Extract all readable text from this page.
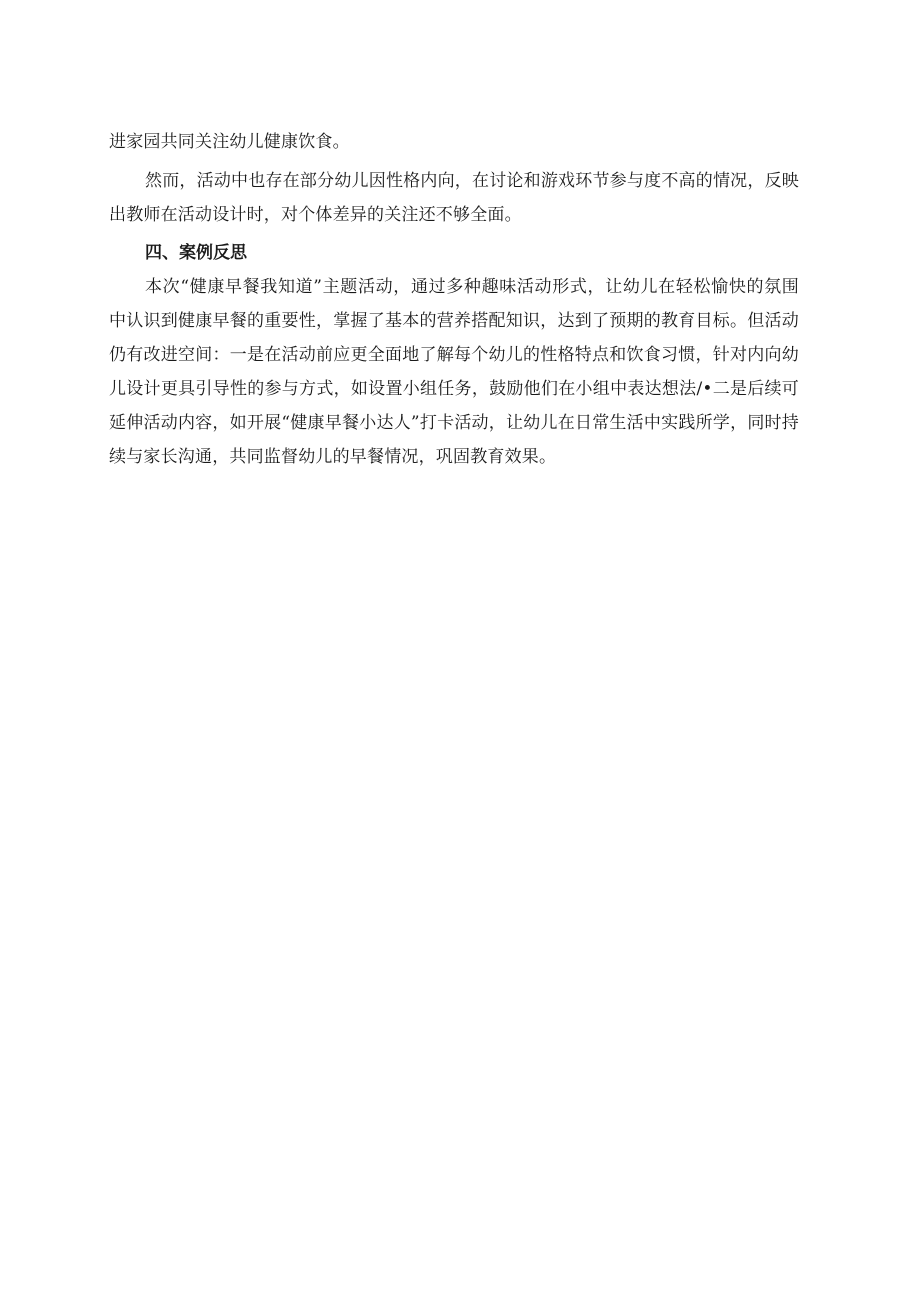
进家园共同关注幼儿健康饮食。

然而，活动中也存在部分幼儿因性格内向，在讨论和游戏环节参与度不高的情况，反映出教师在活动设计时，对个体差异的关注还不够全面。

四、案例反思

本次“健康早餐我知道”主题活动，通过多种趣味活动形式，让幼儿在轻松愉快的氛围中认识到健康早餐的重要性，掌握了基本的营养搭配知识，达到了预期的教育目标。但活动仍有改进空间：一是在活动前应更全面地了解每个幼儿的性格特点和饮食习惯，针对内向幼儿设计更具引导性的参与方式，如设置小组任务，鼓励他们在小组中表达想法/•二是后续可延伸活动内容，如开展“健康早餐小达人”打卡活动，让幼儿在日常生活中实践所学，同时持续与家长沟通，共同监督幼儿的早餐情况，巩固教育效果。
